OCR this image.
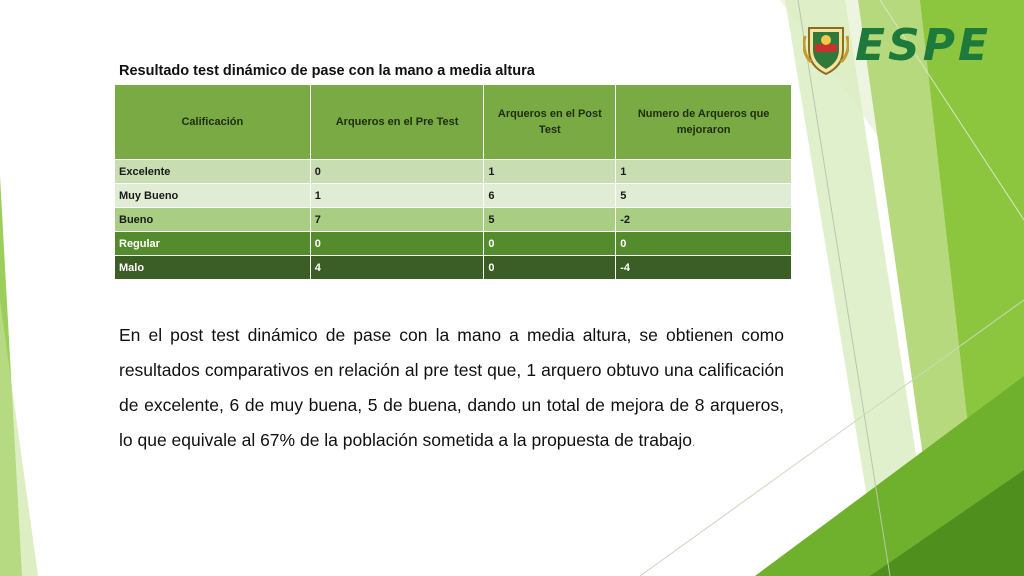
ESPE
Resultado test dinámico de pase con la mano a media altura
Calificación	Arqueros en el Pre Test	Arqueros en el Post Test	Numero de Arqueros que mejoraron
Excelente	0	1	1
Muy Bueno	1	6	5
Bueno	7	5	-2
Regular	0	0	0
Malo	4	0	-4
En el post test dinámico de pase con la mano a media altura, se obtienen como resultados comparativos en relación al pre test que, 1 arquero obtuvo una calificación de excelente, 6 de muy buena, 5 de buena, dando un total de mejora de 8 arqueros, lo que equivale al 67% de la población sometida a la propuesta de trabajo.
